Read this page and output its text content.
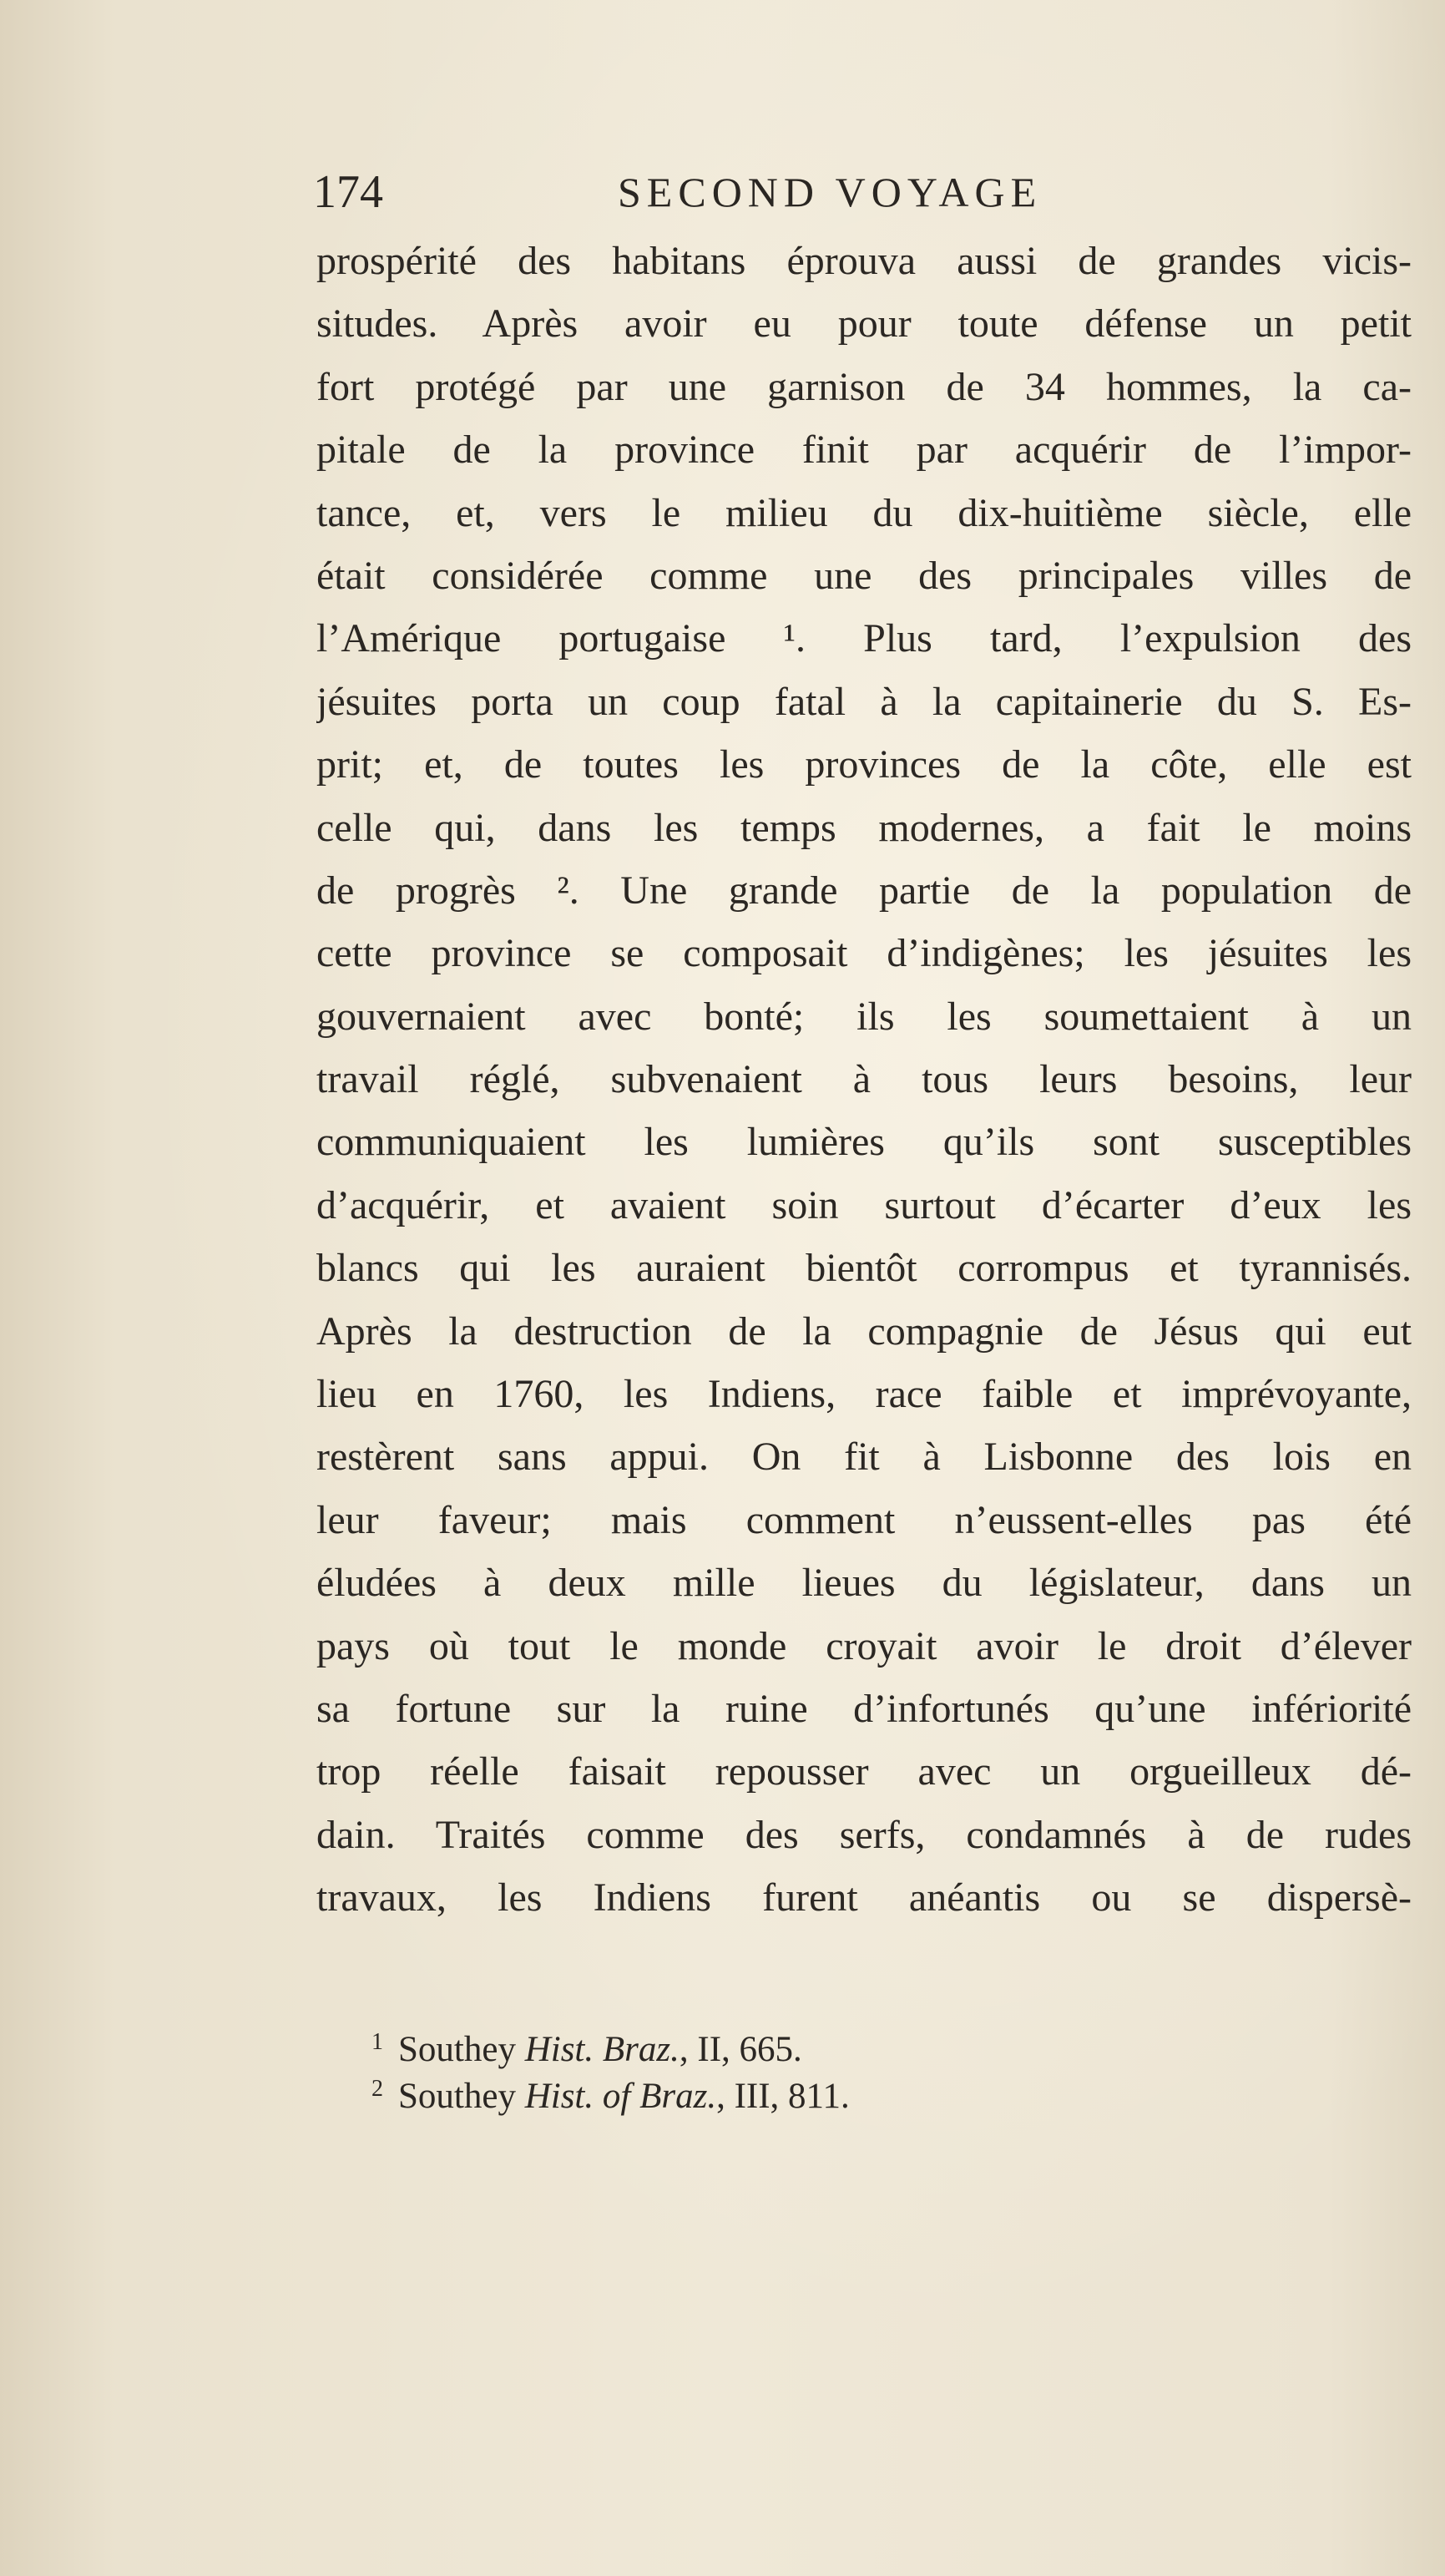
174	SECOND VOYAGE
prospérité des habitans éprouva aussi de grandes vicis-
situdes. Après avoir eu pour toute défense un petit
fort protégé par une garnison de 34 hommes, la ca-
pitale de la province finit par acquérir de l’impor-
tance, et, vers le milieu du dix-huitième siècle, elle
était considérée comme une des principales villes de
l’Amérique portugaise ¹. Plus tard, l’expulsion des
jésuites porta un coup fatal à la capitainerie du S. Es-
prit; et, de toutes les provinces de la côte, elle est
celle qui, dans les temps modernes, a fait le moins
de progrès ². Une grande partie de la population de
cette province se composait d’indigènes; les jésuites les
gouvernaient avec bonté; ils les soumettaient à un
travail réglé, subvenaient à tous leurs besoins, leur
communiquaient les lumières qu’ils sont susceptibles
d’acquérir, et avaient soin surtout d’écarter d’eux les
blancs qui les auraient bientôt corrompus et tyrannisés.
Après la destruction de la compagnie de Jésus qui eut
lieu en 1760, les Indiens, race faible et imprévoyante,
restèrent sans appui. On fit à Lisbonne des lois en
leur faveur; mais comment n’eussent-elles pas été
éludées à deux mille lieues du législateur, dans un
pays où tout le monde croyait avoir le droit d’élever
sa fortune sur la ruine d’infortunés qu’une infériorité
trop réelle faisait repousser avec un orgueilleux dé-
dain. Traités comme des serfs, condamnés à de rudes
travaux, les Indiens furent anéantis ou se dispersè-
$^1$ Southey Hist. Braz., II, 665.
$^2$ Southey Hist. of Braz., III, 811.
